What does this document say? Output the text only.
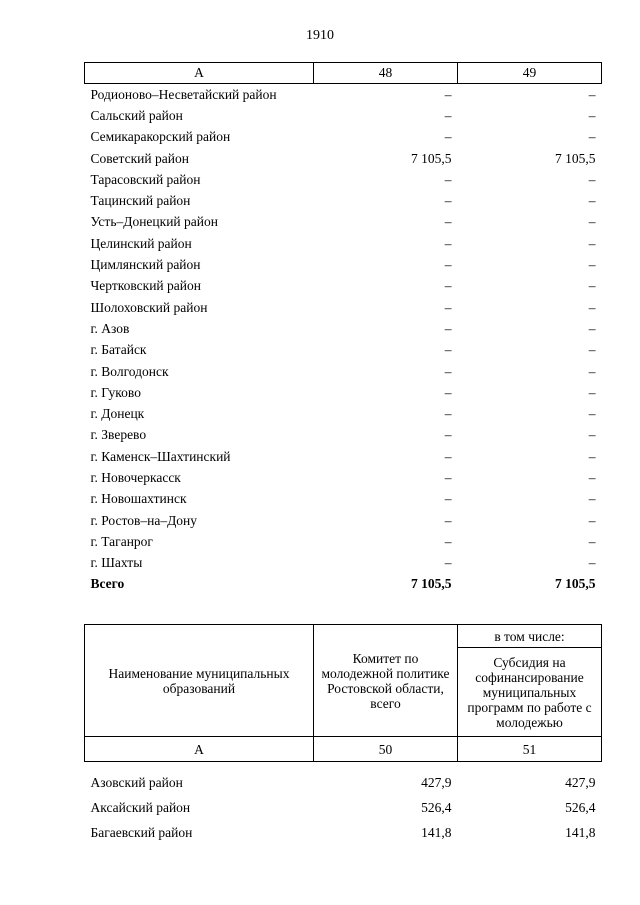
1910
А	48	49
Родионово–Несветайский район	–	–
Сальский район	–	–
Семикаракорский район	–	–
Советский район	7 105,5	7 105,5
Тарасовский район	–	–
Тацинский район	–	–
Усть–Донецкий район	–	–
Целинский район	–	–
Цимлянский район	–	–
Чертковский район	–	–
Шолоховский район	–	–
г. Азов	–	–
г. Батайск	–	–
г. Волгодонск	–	–
г. Гуково	–	–
г. Донецк	–	–
г. Зверево	–	–
г. Каменск–Шахтинский	–	–
г. Новочеркасск	–	–
г. Новошахтинск	–	–
г. Ростов–на–Дону	–	–
г. Таганрог	–	–
г. Шахты	–	–
Всего	7 105,5	7 105,5
Наименование муниципальных образований	Комитет по молодежной политике Ростовской области, всего	в том числе:
		Субсидия на софинансирование муниципальных программ по работе с молодежью
А	50	51
Азовский район	427,9	427,9
Аксайский район	526,4	526,4
Багаевский район	141,8	141,8
